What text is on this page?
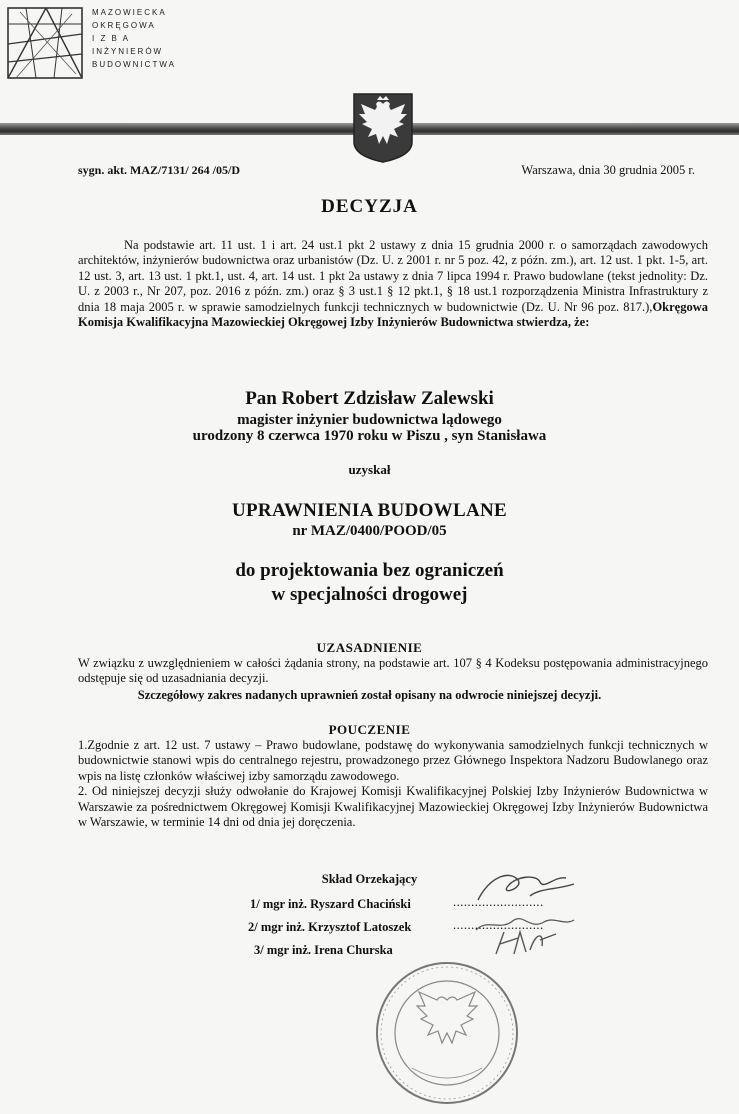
MAZOWIECKA
OKRĘGOWA
I Z B A
INŻYNIERÓW
BUDOWNICTWA
sygn. akt. MAZ/7131/ 264 /05/D	Warszawa, dnia 30 grudnia 2005 r.
DECYZJA
Na podstawie art. 11 ust. 1 i art. 24 ust.1 pkt 2 ustawy z dnia 15 grudnia 2000 r. o samorządach zawodowych architektów, inżynierów budownictwa oraz urbanistów (Dz. U. z 2001 r. nr 5 poz. 42, z późn. zm.), art. 12 ust. 1 pkt. 1-5, art. 12 ust. 3, art. 13 ust. 1 pkt.1, ust. 4, art. 14 ust. 1 pkt 2a ustawy z dnia 7 lipca 1994 r. Prawo budowlane (tekst jednolity: Dz. U. z 2003 r., Nr 207, poz. 2016 z późn. zm.) oraz § 3 ust.1 § 12 pkt.1, § 18 ust.1 rozporządzenia Ministra Infrastruktury z dnia 18 maja 2005 r. w sprawie samodzielnych funkcji technicznych w budownictwie (Dz. U. Nr 96 poz. 817.),Okręgowa Komisja Kwalifikacyjna Mazowieckiej Okręgowej Izby Inżynierów Budownictwa stwierdza, że:
Pan Robert Zdzisław Zalewski
magister inżynier budownictwa lądowego
urodzony 8 czerwca 1970 roku w Piszu , syn Stanisława
uzyskał
UPRAWNIENIA BUDOWLANE
nr MAZ/0400/POOD/05
do projektowania bez ograniczeń
w specjalności drogowej
UZASADNIENIE
W związku z uwzględnieniem w całości żądania strony, na podstawie art. 107 § 4 Kodeksu postępowania administracyjnego odstępuje się od uzasadniania decyzji.
Szczegółowy zakres nadanych uprawnień został opisany na odwrocie niniejszej decyzji.
POUCZENIE
1.Zgodnie z art. 12 ust. 7 ustawy – Prawo budowlane, podstawę do wykonywania samodzielnych funkcji technicznych w budownictwie stanowi wpis do centralnego rejestru, prowadzonego przez Głównego Inspektora Nadzoru Budowlanego oraz wpis na listę członków właściwej izby samorządu zawodowego.
2. Od niniejszej decyzji służy odwołanie do Krajowej Komisji Kwalifikacyjnej Polskiej Izby Inżynierów Budownictwa w Warszawie za pośrednictwem Okręgowej Komisji Kwalifikacyjnej Mazowieckiej Okręgowej Izby Inżynierów Budownictwa w Warszawie, w terminie 14 dni od dnia jej doręczenia.
Skład Orzekający
1/ mgr inż. Ryszard Chaciński
2/ mgr inż. Krzysztof Latoszek
3/ mgr inż. Irena Churska
.........................
.........................
